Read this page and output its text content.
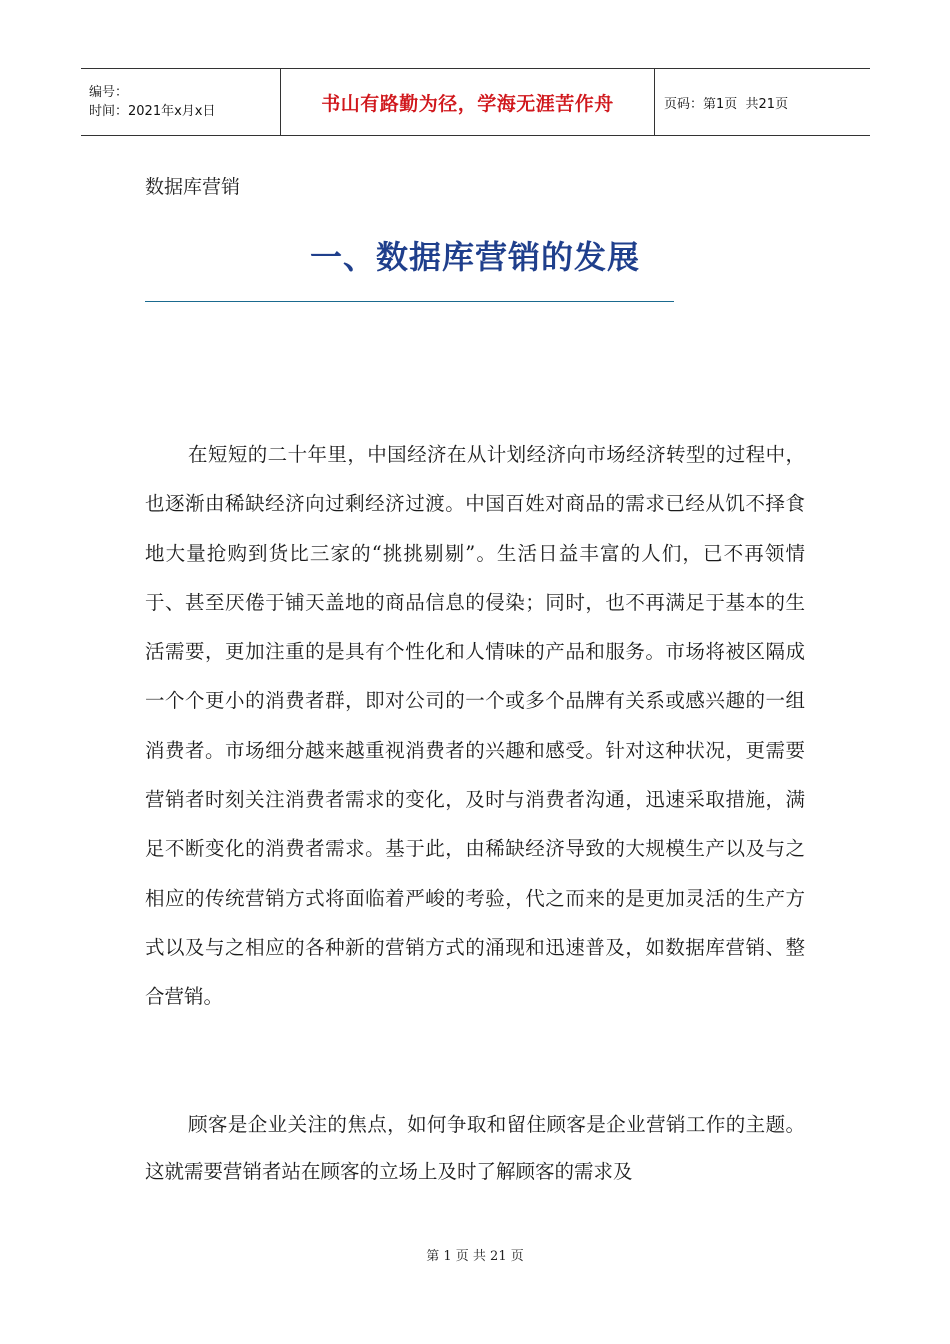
编号：
时间：2021年x月x日	书山有路勤为径，学海无涯苦作舟	页码：第1页  共21页
数据库营销
一、数据库营销的发展

在短短的二十年里，中国经济在从计划经济向市场经济转型的过程中，也逐渐由稀缺经济向过剩经济过渡。中国百姓对商品的需求已经从饥不择食地大量抢购到货比三家的“挑挑剔剔”。生活日益丰富的人们，已不再领情于、甚至厌倦于铺天盖地的商品信息的侵染；同时，也不再满足于基本的生活需要，更加注重的是具有个性化和人情味的产品和服务。市场将被区隔成一个个更小的消费者群，即对公司的一个或多个品牌有关系或感兴趣的一组消费者。市场细分越来越重视消费者的兴趣和感受。针对这种状况，更需要营销者时刻关注消费者需求的变化，及时与消费者沟通，迅速采取措施，满足不断变化的消费者需求。基于此，由稀缺经济导致的大规模生产以及与之相应的传统营销方式将面临着严峻的考验，代之而来的是更加灵活的生产方式以及与之相应的各种新的营销方式的涌现和迅速普及，如数据库营销、整合营销。

顾客是企业关注的焦点，如何争取和留住顾客是企业营销工作的主题。这就需要营销者站在顾客的立场上及时了解顾客的需求及

第 1 页 共 21 页
